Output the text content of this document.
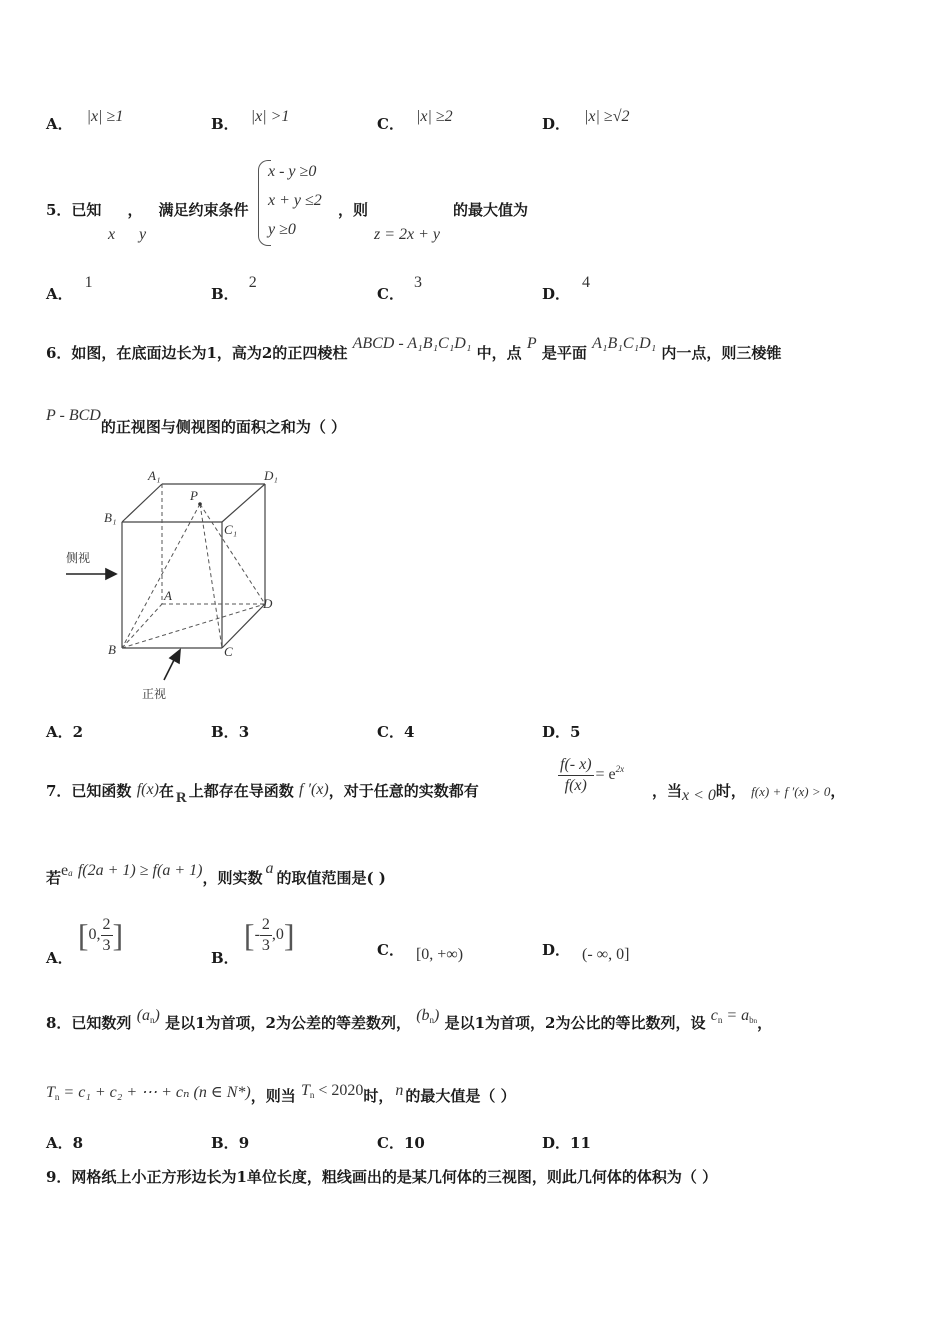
A． |x| ≥1	B． |x| >1	C． |x| ≥2	D． |x| ≥√2
5．已知 ， 满足约束条件
x y
x - y ≥0
x + y ≤2
y ≥0
，则
z = 2x + y
的最大值为
A．1
B．2
C．3
D．4
6．如图，在底面边长为1，高为2的正四棱柱 ABCD - A₁B₁C₁D₁ 中，点 P 是平面 A₁B₁C₁D₁ 内一点，则三棱锥
P - BCD的正视图与侧视图的面积之和为（ ）
A₁	D₁
B₁
C₁
P
A
D
B	C
侧视
正视
A．2	B．3	C．4	D．5
7．已知函数 f(x)在 R 上都存在导函数 f ′(x)，对于任意的实数都有	$\frac{f(- x)}{f(x)} = e^{2x}$
，当x < 0时， f(x) + f ′(x) > 0，
若$e^a$ f(2a + 1) ≥ f(a + 1)，则实数a的取值范围是( )
A． [0, $\frac{2}{3}$ ]
B． [- $\frac{2}{3} ,0$]	C． [0, +∞)	D． (- ∞, 0]
8．已知数列 $(a_n)$ 是以1为首项，2为公差的等差数列， $(b_n)$ 是以1为首项，2为公比的等比数列，设 $c_n = a_{bn}$，
$T_n = c_1 + c_2$ + ⋯ + cₙ (n ∈ N*)，则当 $T_n < 2020$时， n 的最大值是（ ）
A．8	B．9	C．10	D．11
9．网格纸上小正方形边长为1单位长度，粗线画出的是某几何体的三视图，则此几何体的体积为（ ）
